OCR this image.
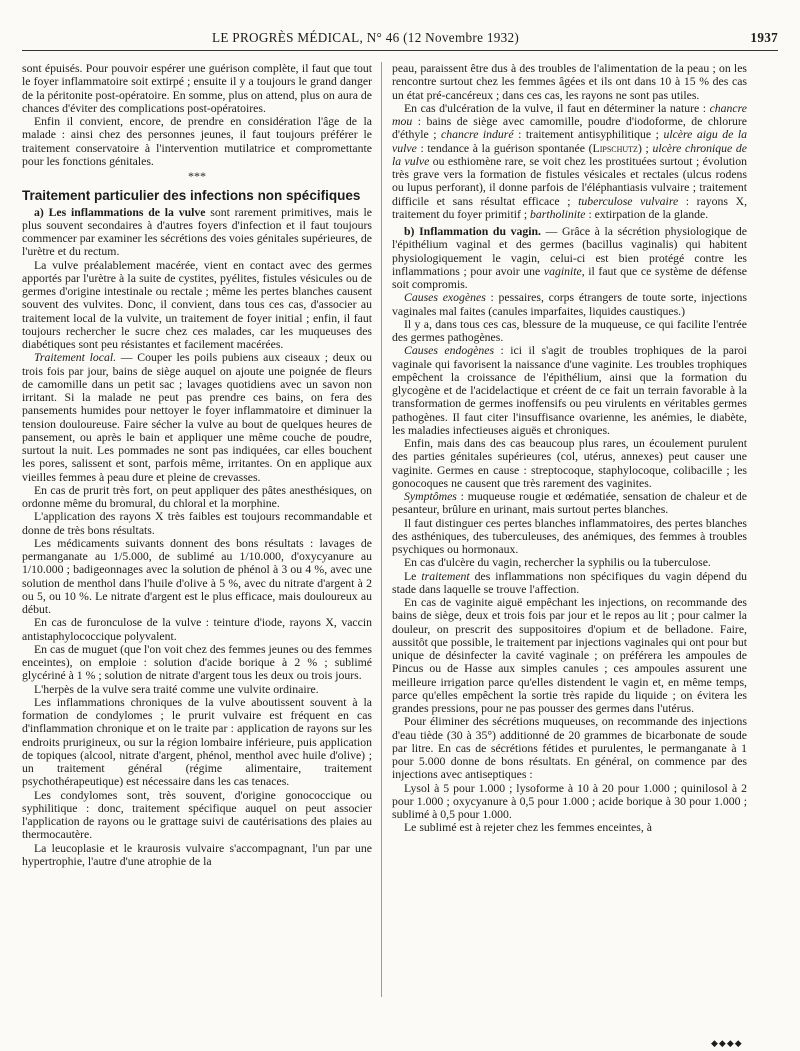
LE PROGRÈS MÉDICAL, N° 46 (12 Novembre 1932)	1937

sont épuisés. Pour pouvoir espérer une guérison complète, il faut que tout le foyer inflammatoire soit extirpé ; ensuite il y a toujours le grand danger de la péritonite post-opératoire. En somme, plus on attend, plus on aura de chances d'éviter des complications post-opératoires.

Enfin il convient, encore, de prendre en considération l'âge de la malade : ainsi chez des personnes jeunes, il faut toujours préférer le traitement conservatoire à l'intervention mutilatrice et compromettante pour les fonctions génitales.

***
Traitement particulier des infections non spécifiques

a) Les inflammations de la vulve sont rarement primitives, mais le plus souvent secondaires à d'autres foyers d'infection et il faut toujours commencer par examiner les sécrétions des voies génitales supérieures, de l'urètre et du rectum.

La vulve préalablement macérée, vient en contact avec des germes apportés par l'urètre à la suite de cystites, pyélites, fistules vésicules ou de germes d'origine intestinale ou rectale ; même les pertes blanches causent souvent des vulvites. Donc, il convient, dans tous ces cas, d'associer au traitement local de la vulvite, un traitement de foyer initial ; enfin, il faut toujours rechercher le sucre chez ces malades, car les muqueuses des diabétiques sont peu résistantes et facilement macérées.

Traitement local. — Couper les poils pubiens aux ciseaux ; deux ou trois fois par jour, bains de siège auquel on ajoute une poignée de fleurs de camomille dans un petit sac ; lavages quotidiens avec un savon non irritant. Si la malade ne peut pas prendre ces bains, on fera des pansements humides pour nettoyer le foyer inflammatoire et diminuer la tension douloureuse. Faire sécher la vulve au bout de quelques heures de pansement, ou après le bain et appliquer une même couche de poudre, surtout la nuit. Les pommades ne sont pas indiquées, car elles bouchent les pores, salissent et sont, parfois même, irritantes. On en applique aux vieilles femmes à peau dure et pleine de crevasses.

En cas de prurit très fort, on peut appliquer des pâtes anesthésiques, on ordonne même du bromural, du chloral et la morphine.

L'application des rayons X très faibles est toujours recommandable et donne de très bons résultats.

Les médicaments suivants donnent des bons résultats : lavages de permanganate au 1/5.000, de sublimé au 1/10.000, d'oxycyanure au 1/10.000 ; badigeonnages avec la solution de phénol à 3 ou 4 %, avec une solution de menthol dans l'huile d'olive à 5 %, avec du nitrate d'argent à 2 ou 5, ou 10 %. Le nitrate d'argent est le plus efficace, mais douloureux au début.

En cas de furonculose de la vulve : teinture d'iode, rayons X, vaccin antistaphylococcique polyvalent.

En cas de muguet (que l'on voit chez des femmes jeunes ou des femmes enceintes), on emploie : solution d'acide borique à 2 % ; sublimé glycériné à 1 % ; solution de nitrate d'argent tous les deux ou trois jours.

L'herpès de la vulve sera traité comme une vulvite ordinaire.

Les inflammations chroniques de la vulve aboutissent souvent à la formation de condylomes ; le prurit vulvaire est fréquent en cas d'inflammation chronique et on le traite par : application de rayons sur les endroits prurigineux, ou sur la région lombaire inférieure, puis application de topiques (alcool, nitrate d'argent, phénol, menthol avec huile d'olive) ; un traitement général (régime alimentaire, traitement psychothérapeutique) est nécessaire dans les cas tenaces.

Les condylomes sont, très souvent, d'origine gonococcique ou syphilitique : donc, traitement spécifique auquel on peut associer l'application de rayons ou le grattage suivi de cautérisations des plaies au thermocautère.

La leucoplasie et le kraurosis vulvaire s'accompagnant, l'un par une hypertrophie, l'autre d'une atrophie de la

peau, paraissent être dus à des troubles de l'alimentation de la peau ; on les rencontre surtout chez les femmes âgées et ils ont dans 10 à 15 % des cas un état pré-cancéreux ; dans ces cas, les rayons ne sont pas utiles.

En cas d'ulcération de la vulve, il faut en déterminer la nature : chancre mou : bains de siège avec camomille, poudre d'iodoforme, de chlorure d'éthyle ; chancre induré : traitement antisyphilitique ; ulcère aigu de la vulve : tendance à la guérison spontanée (Lipschutz) ; ulcère chronique de la vulve ou esthiomène rare, se voit chez les prostituées surtout ; évolution très grave vers la formation de fistules vésicales et rectales (ulcus rodens ou lupus perforant), il donne parfois de l'éléphantiasis vulvaire ; traitement difficile et sans résultat efficace ; tuberculose vulvaire : rayons X, traitement du foyer primitif ; bartholinite : extirpation de la glande.

b) Inflammation du vagin. — Grâce à la sécrétion physiologique de l'épithélium vaginal et des germes (bacillus vaginalis) qui habitent physiologiquement le vagin, celui-ci est bien protégé contre les inflammations ; pour avoir une vaginite, il faut que ce système de défense soit compromis.

Causes exogènes : pessaires, corps étrangers de toute sorte, injections vaginales mal faites (canules imparfaites, liquides caustiques.)

Il y a, dans tous ces cas, blessure de la muqueuse, ce qui facilite l'entrée des germes pathogènes.

Causes endogènes : ici il s'agit de troubles trophiques de la paroi vaginale qui favorisent la naissance d'une vaginite. Les troubles trophiques empêchent la croissance de l'épithélium, ainsi que la formation du glycogène et de l'acidelactique et créent de ce fait un terrain favorable à la transformation de germes inoffensifs ou peu virulents en véritables germes pathogènes. Il faut citer l'insuffisance ovarienne, les anémies, le diabète, les maladies infectieuses aiguës et chroniques.

Enfin, mais dans des cas beaucoup plus rares, un écoulement purulent des parties génitales supérieures (col, utérus, annexes) peut causer une vaginite. Germes en cause : streptocoque, staphylocoque, colibacille ; les gonocoques ne causent que très rarement des vaginites.

Symptômes : muqueuse rougie et œdématiée, sensation de chaleur et de pesanteur, brûlure en urinant, mais surtout pertes blanches.

Il faut distinguer ces pertes blanches inflammatoires, des pertes blanches des asthéniques, des tuberculeuses, des anémiques, des femmes à troubles psychiques ou hormonaux.

En cas d'ulcère du vagin, rechercher la syphilis ou la tuberculose.

Le traitement des inflammations non spécifiques du vagin dépend du stade dans laquelle se trouve l'affection.

En cas de vaginite aiguë empêchant les injections, on recommande des bains de siège, deux et trois fois par jour et le repos au lit ; pour calmer la douleur, on prescrit des suppositoires d'opium et de belladone. Faire, aussitôt que possible, le traitement par injections vaginales qui ont pour but unique de désinfecter la cavité vaginale ; on préférera les ampoules de Pincus ou de Hasse aux simples canules ; ces ampoules assurent une meilleure irrigation parce qu'elles distendent le vagin et, en même temps, parce qu'elles empêchent la sortie très rapide du liquide ; on évitera les grandes pressions, pour ne pas pousser des germes dans l'utérus.

Pour éliminer des sécrétions muqueuses, on recommande des injections d'eau tiède (30 à 35°) additionné de 20 grammes de bicarbonate de soude par litre. En cas de sécrétions fétides et purulentes, le permanganate à 1 pour 5.000 donne de bons résultats. En général, on commence par des injections avec antiseptiques :

Lysol à 5 pour 1.000 ; lysoforme à 10 à 20 pour 1.000 ; quinilosol à 2 pour 1.000 ; oxycyanure à 0,5 pour 1.000 ; acide borique à 30 pour 1.000 ; sublimé à 0,5 pour 1.000.

Le sublimé est à rejeter chez les femmes enceintes, à

◆◆◆◆
